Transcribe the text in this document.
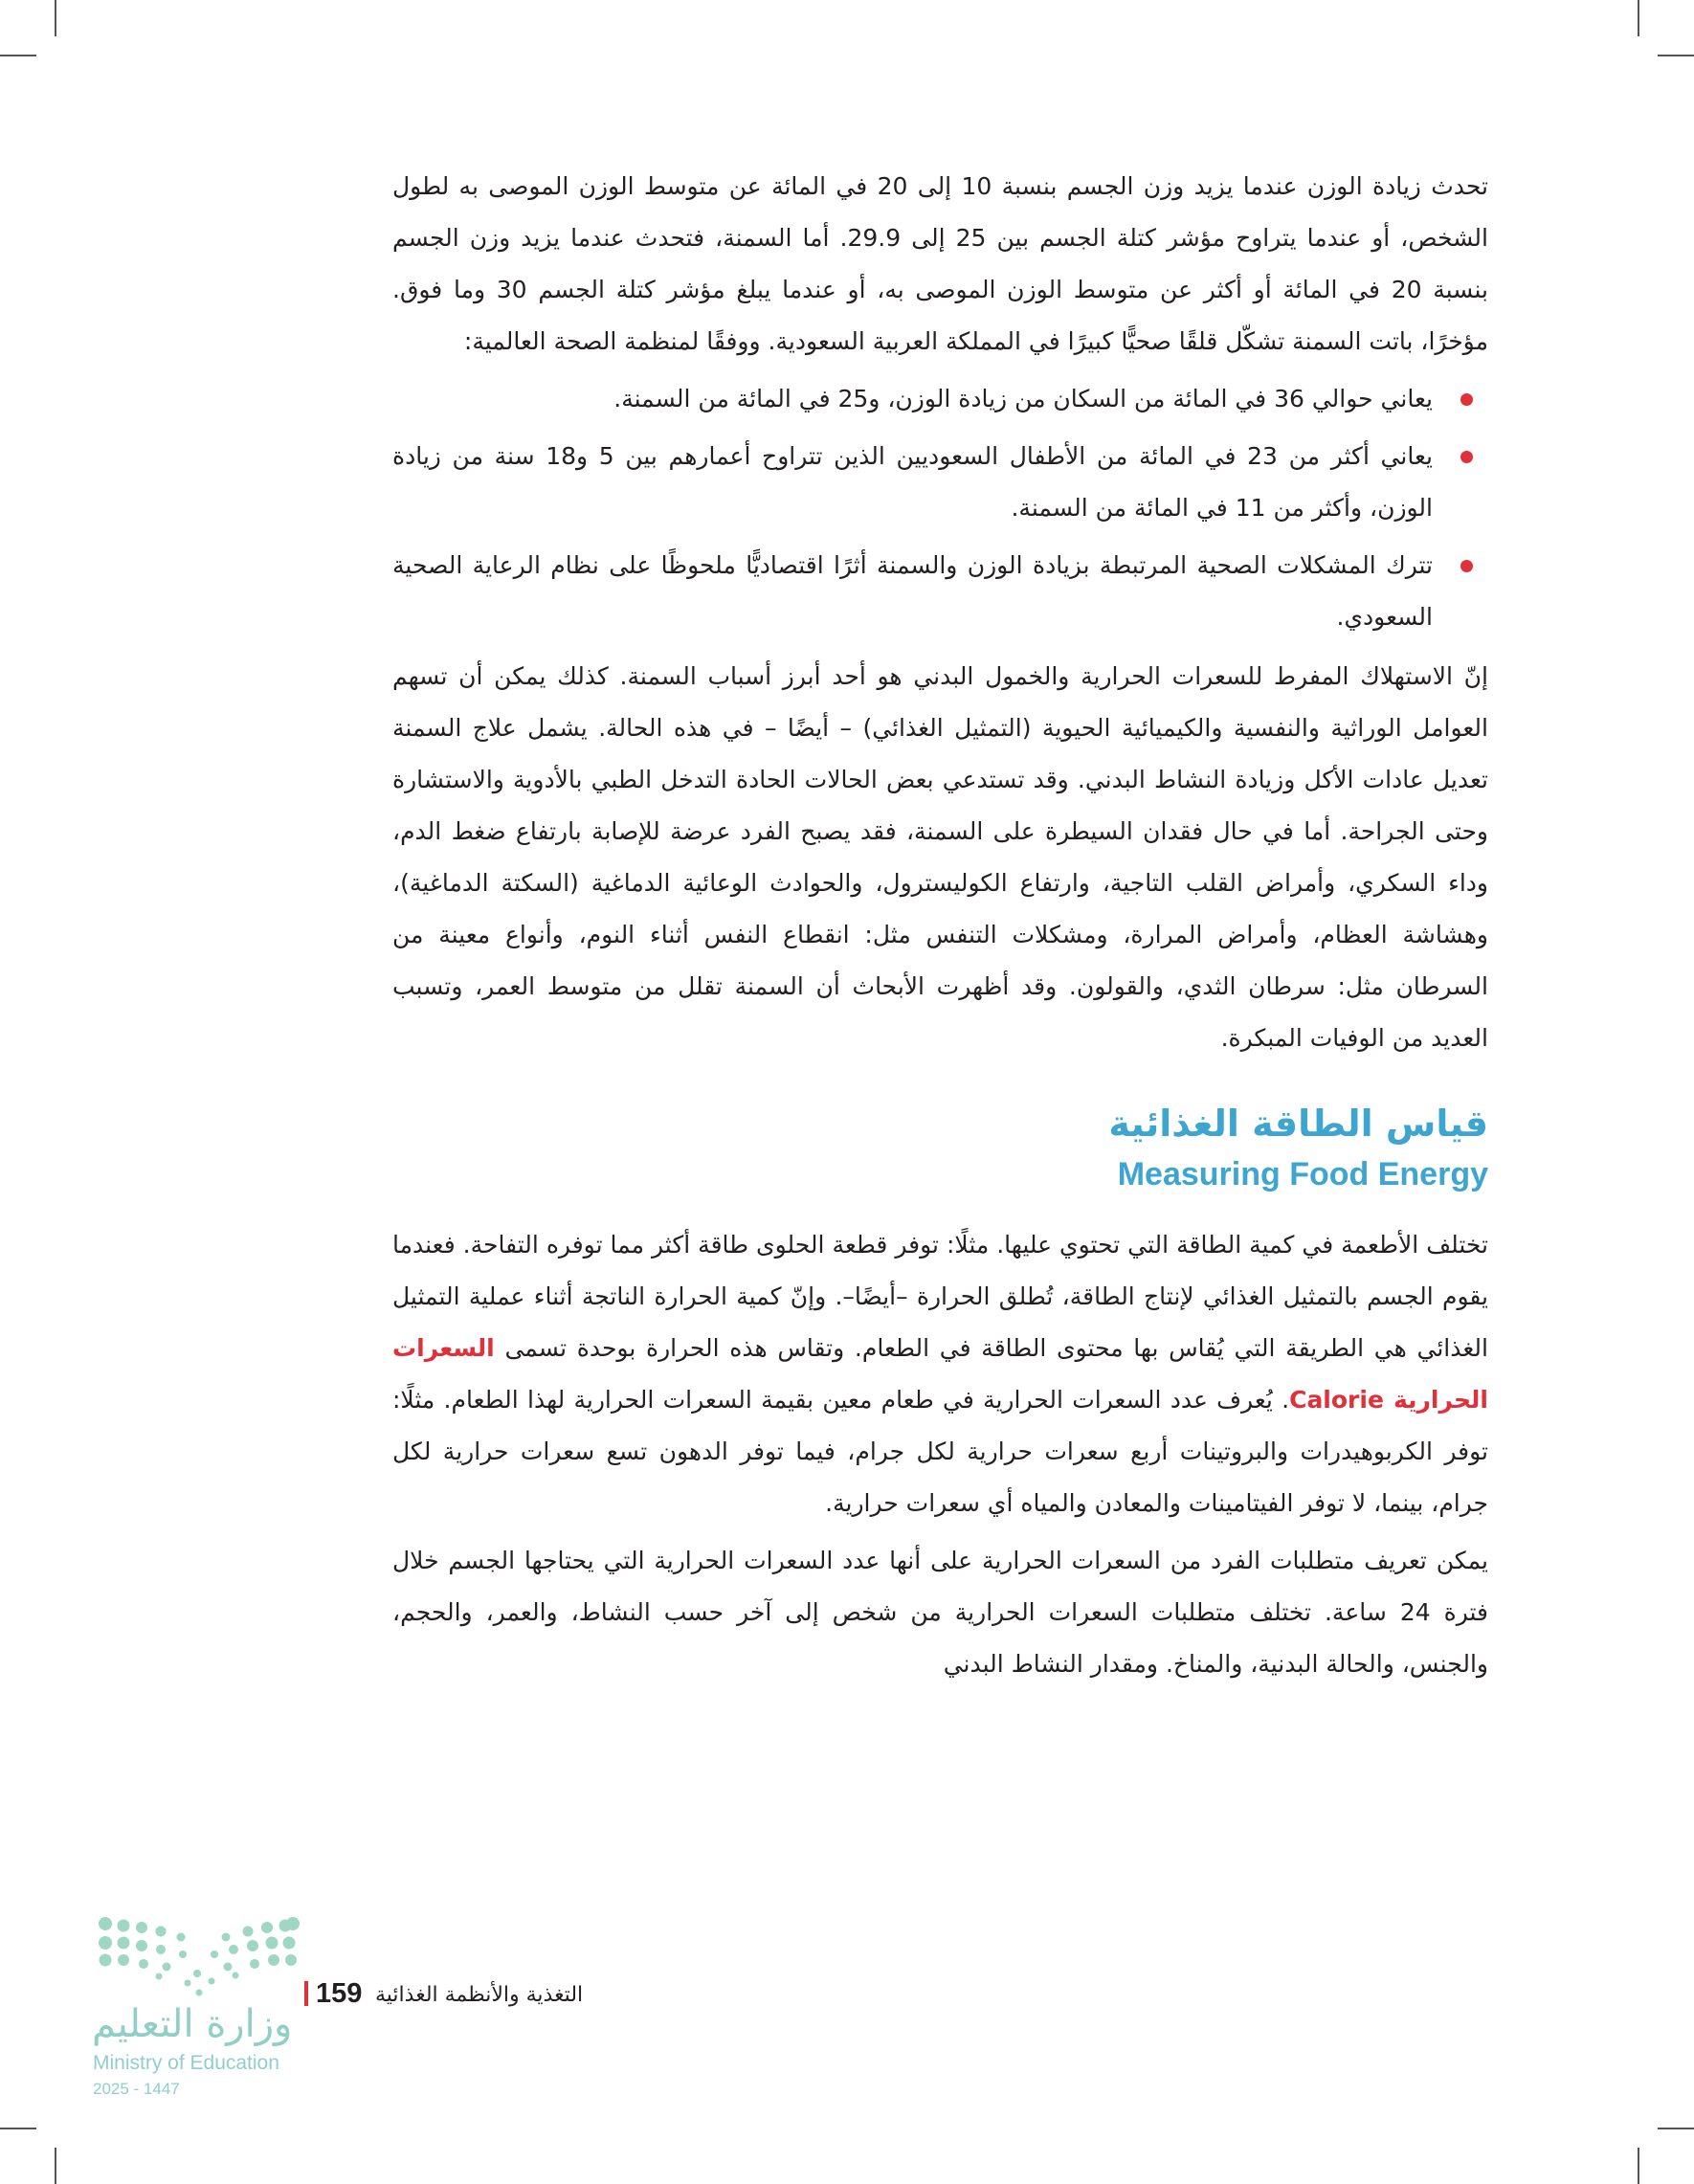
تحدث زيادة الوزن عندما يزيد وزن الجسم بنسبة 10 إلى 20 في المائة عن متوسط الوزن الموصى به لطول الشخص، أو عندما يتراوح مؤشر كتلة الجسم بين 25 إلى 29.9. أما السمنة، فتحدث عندما يزيد وزن الجسم بنسبة 20 في المائة أو أكثر عن متوسط الوزن الموصى به، أو عندما يبلغ مؤشر كتلة الجسم 30 وما فوق. مؤخرًا، باتت السمنة تشكّل قلقًا صحيًّا كبيرًا في المملكة العربية السعودية. ووفقًا لمنظمة الصحة العالمية:

يعاني حوالي 36 في المائة من السكان من زيادة الوزن، و25 في المائة من السمنة.
يعاني أكثر من 23 في المائة من الأطفال السعوديين الذين تتراوح أعمارهم بين 5 و18 سنة من زيادة الوزن، وأكثر من 11 في المائة من السمنة.
تترك المشكلات الصحية المرتبطة بزيادة الوزن والسمنة أثرًا اقتصاديًّا ملحوظًا على نظام الرعاية الصحية السعودي.

إنّ الاستهلاك المفرط للسعرات الحرارية والخمول البدني هو أحد أبرز أسباب السمنة. كذلك يمكن أن تسهم العوامل الوراثية والنفسية والكيميائية الحيوية (التمثيل الغذائي) – أيضًا – في هذه الحالة. يشمل علاج السمنة تعديل عادات الأكل وزيادة النشاط البدني. وقد تستدعي بعض الحالات الحادة التدخل الطبي بالأدوية والاستشارة وحتى الجراحة. أما في حال فقدان السيطرة على السمنة، فقد يصبح الفرد عرضة للإصابة بارتفاع ضغط الدم، وداء السكري، وأمراض القلب التاجية، وارتفاع الكوليسترول، والحوادث الوعائية الدماغية (السكتة الدماغية)، وهشاشة العظام، وأمراض المرارة، ومشكلات التنفس مثل: انقطاع النفس أثناء النوم، وأنواع معينة من السرطان مثل: سرطان الثدي، والقولون. وقد أظهرت الأبحاث أن السمنة تقلل من متوسط العمر، وتسبب العديد من الوفيات المبكرة.

قياس الطاقة الغذائية
Measuring Food Energy

تختلف الأطعمة في كمية الطاقة التي تحتوي عليها. مثلًا: توفر قطعة الحلوى طاقة أكثر مما توفره التفاحة. فعندما يقوم الجسم بالتمثيل الغذائي لإنتاج الطاقة، تُطلق الحرارة –أيضًا–. وإنّ كمية الحرارة الناتجة أثناء عملية التمثيل الغذائي هي الطريقة التي يُقاس بها محتوى الطاقة في الطعام. وتقاس هذه الحرارة بوحدة تسمى السعرات الحرارية Calorie. يُعرف عدد السعرات الحرارية في طعام معين بقيمة السعرات الحرارية لهذا الطعام. مثلًا: توفر الكربوهيدرات والبروتينات أربع سعرات حرارية لكل جرام، فيما توفر الدهون تسع سعرات حرارية لكل جرام، بينما، لا توفر الفيتامينات والمعادن والمياه أي سعرات حرارية.

يمكن تعريف متطلبات الفرد من السعرات الحرارية على أنها عدد السعرات الحرارية التي يحتاجها الجسم خلال فترة 24 ساعة. تختلف متطلبات السعرات الحرارية من شخص إلى آخر حسب النشاط، والعمر، والحجم، والجنس، والحالة البدنية، والمناخ. ومقدار النشاط البدني

وزارة التعليم
159 التغذية والأنظمة الغذائية
Ministry of Education
2025 - 1447
